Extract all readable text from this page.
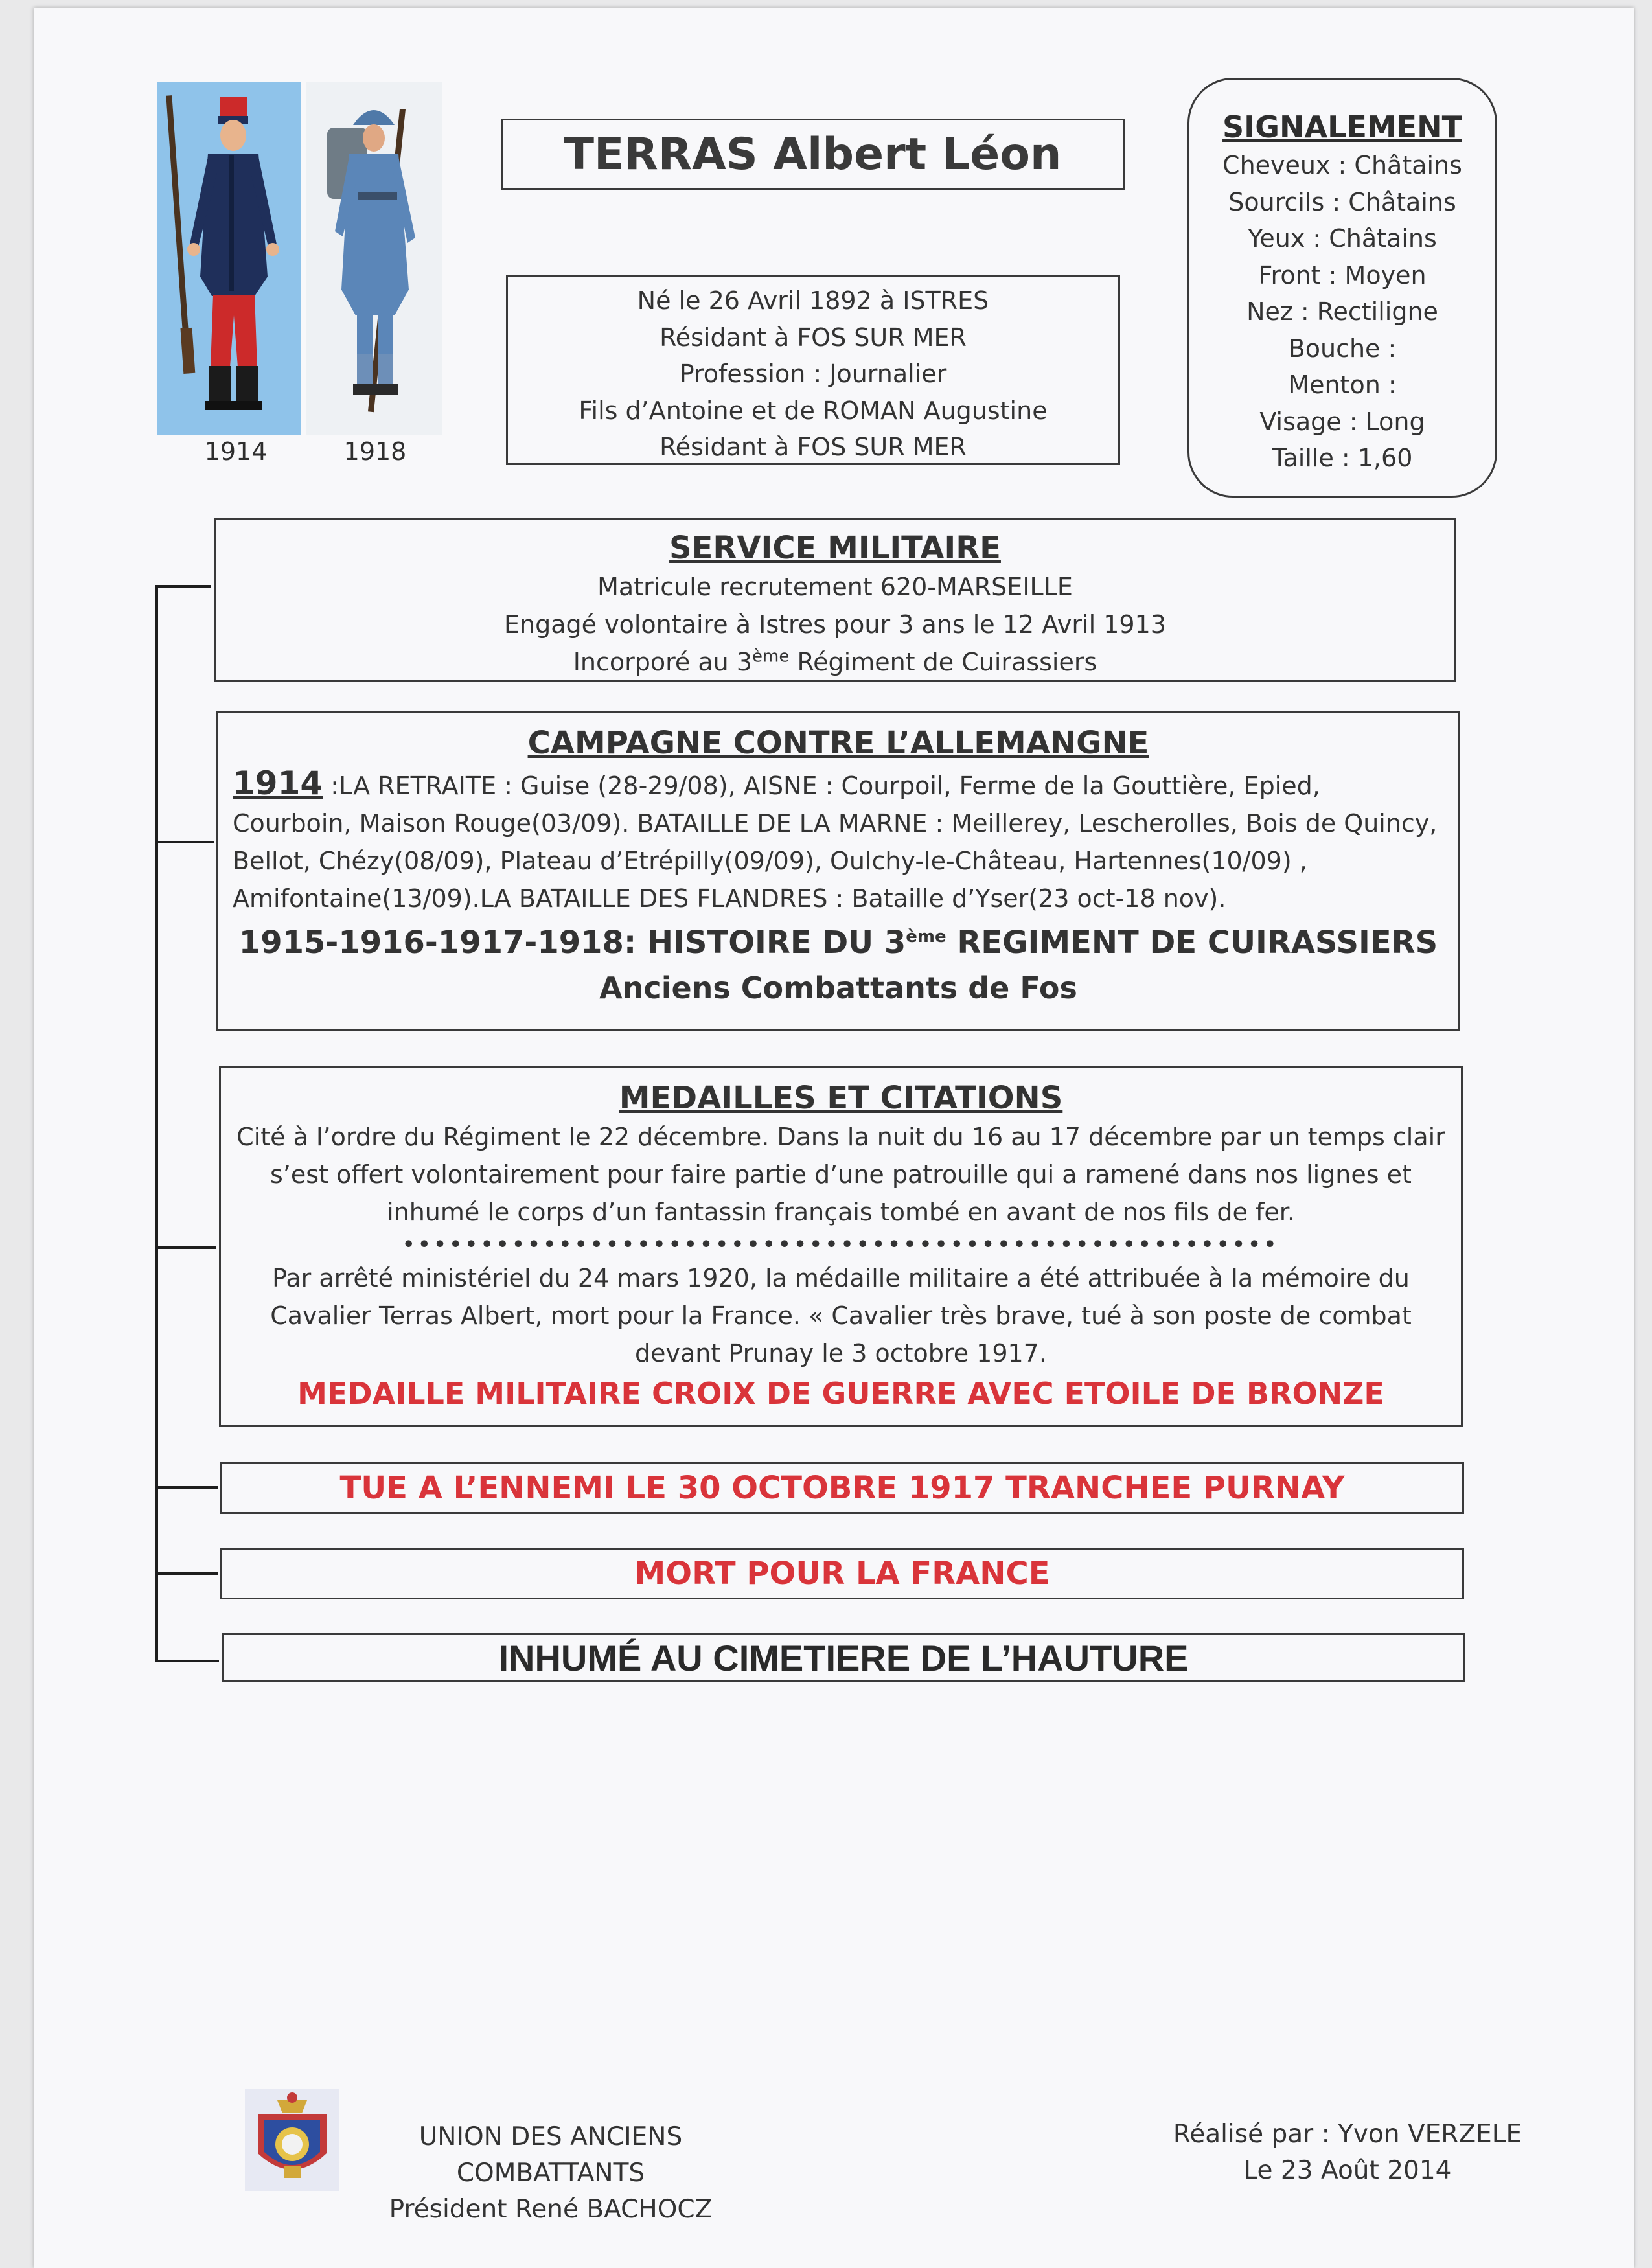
1914	1918
TERRAS Albert Léon
Né le 26 Avril 1892 à ISTRES
Résidant à FOS SUR MER
Profession : Journalier
Fils d’Antoine et de ROMAN Augustine
Résidant à FOS SUR MER
SIGNALEMENT
Cheveux : Châtains
Sourcils : Châtains
Yeux : Châtains
Front : Moyen
Nez : Rectiligne
Bouche :
Menton :
Visage : Long
Taille : 1,60
SERVICE MILITAIRE
Matricule recrutement 620-MARSEILLE
Engagé volontaire à Istres pour 3 ans le 12 Avril 1913
Incorporé au 3ème Régiment de Cuirassiers
CAMPAGNE CONTRE L’ALLEMANGNE
1914 :LA RETRAITE : Guise (28-29/08), AISNE : Courpoil, Ferme de la Gouttière, Epied, Courboin, Maison Rouge(03/09). BATAILLE DE LA MARNE : Meillerey, Lescherolles, Bois de Quincy, Bellot, Chézy(08/09), Plateau d’Etrépilly(09/09), Oulchy-le-Château, Hartennes(10/09) , Amifontaine(13/09).LA BATAILLE DES FLANDRES : Bataille d’Yser(23 oct-18 nov).
1915-1916-1917-1918: HISTOIRE DU 3ème REGIMENT DE CUIRASSIERS
Anciens Combattants de Fos
MEDAILLES ET CITATIONS
Cité à l’ordre du Régiment le 22 décembre. Dans la nuit du 16 au 17 décembre par un temps clair s’est offert volontairement pour faire partie d’une patrouille qui a ramené dans nos lignes et inhumé le corps d’un fantassin français tombé en avant de nos fils de fer.
••••••••••••••••••••••••••••••••••••••••••••••••••••••••
Par arrêté ministériel du 24 mars 1920, la médaille militaire a été attribuée à la mémoire du Cavalier Terras Albert, mort pour la France. « Cavalier très brave, tué à son poste de combat devant Prunay le 3 octobre 1917.
MEDAILLE MILITAIRE CROIX DE GUERRE AVEC ETOILE DE BRONZE
TUE A L’ENNEMI LE 30 OCTOBRE 1917 TRANCHEE PURNAY
MORT POUR LA FRANCE
INHUMÉ AU CIMETIERE DE L’HAUTURE
UNION DES ANCIENS COMBATTANTS
Président René BACHOCZ
Réalisé par : Yvon VERZELE
Le 23 Août 2014
